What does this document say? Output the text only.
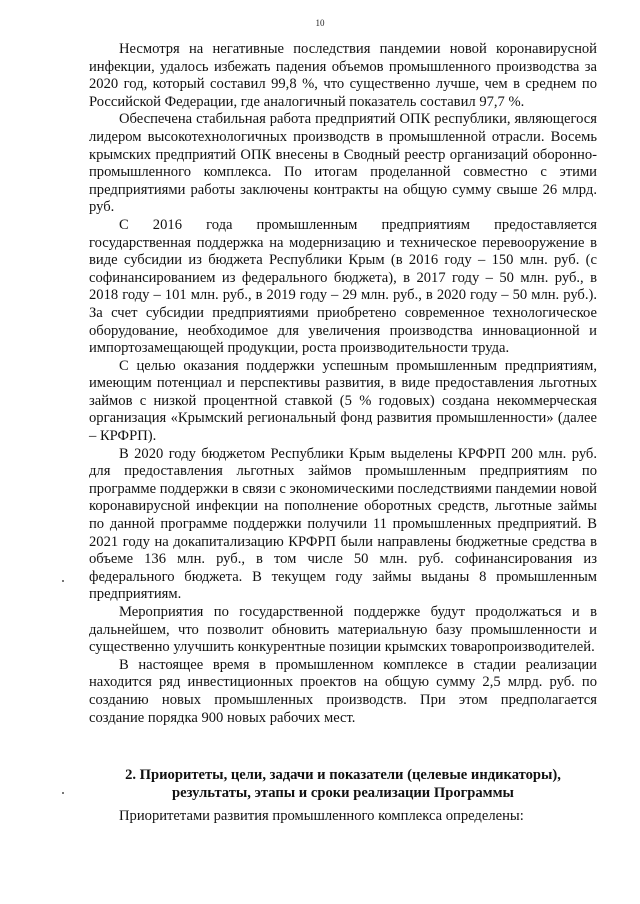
10

Несмотря на негативные последствия пандемии новой коронавирусной инфекции, удалось избежать падения объемов промышленного производства за 2020 год, который составил 99,8 %, что существенно лучше, чем в среднем по Российской Федерации, где аналогичный показатель составил 97,7 %.

Обеспечена стабильная работа предприятий ОПК республики, являющегося лидером высокотехнологичных производств в промышленной отрасли. Восемь крымских предприятий ОПК внесены в Сводный реестр организаций оборонно-промышленного комплекса. По итогам проделанной совместно с этими предприятиями работы заключены контракты на общую сумму свыше 26 млрд. руб.

С 2016 года промышленным предприятиям предоставляется государственная поддержка на модернизацию и техническое перевооружение в виде субсидии из бюджета Республики Крым (в 2016 году – 150 млн. руб. (с софинансированием из федерального бюджета), в 2017 году – 50 млн. руб., в 2018 году – 101 млн. руб., в 2019 году – 29 млн. руб., в 2020 году – 50 млн. руб.). За счет субсидии предприятиями приобретено современное технологическое оборудование, необходимое для увеличения производства инновационной и импортозамещающей продукции, роста производительности труда.

С целью оказания поддержки успешным промышленным предприятиям, имеющим потенциал и перспективы развития, в виде предоставления льготных займов с низкой процентной ставкой (5 % годовых) создана некоммерческая организация «Крымский региональный фонд развития промышленности» (далее – КРФРП).

В 2020 году бюджетом Республики Крым выделены КРФРП 200 млн. руб. для предоставления льготных займов промышленным предприятиям по программе поддержки в связи с экономическими последствиями пандемии новой коронавирусной инфекции на пополнение оборотных средств, льготные займы по данной программе поддержки получили 11 промышленных предприятий. В 2021 году на докапитализацию КРФРП были направлены бюджетные средства в объеме 136 млн. руб., в том числе 50 млн. руб. софинансирования из федерального бюджета. В текущем году займы выданы 8 промышленным предприятиям.

Мероприятия по государственной поддержке будут продолжаться и в дальнейшем, что позволит обновить материальную базу промышленности и существенно улучшить конкурентные позиции крымских товаропроизводителей.

В настоящее время в промышленном комплексе в стадии реализации находится ряд инвестиционных проектов на общую сумму 2,5 млрд. руб. по созданию новых промышленных производств. При этом предполагается создание порядка 900 новых рабочих мест.

2. Приоритеты, цели, задачи и показатели (целевые индикаторы),
результаты, этапы и сроки реализации Программы

Приоритетами развития промышленного комплекса определены:
